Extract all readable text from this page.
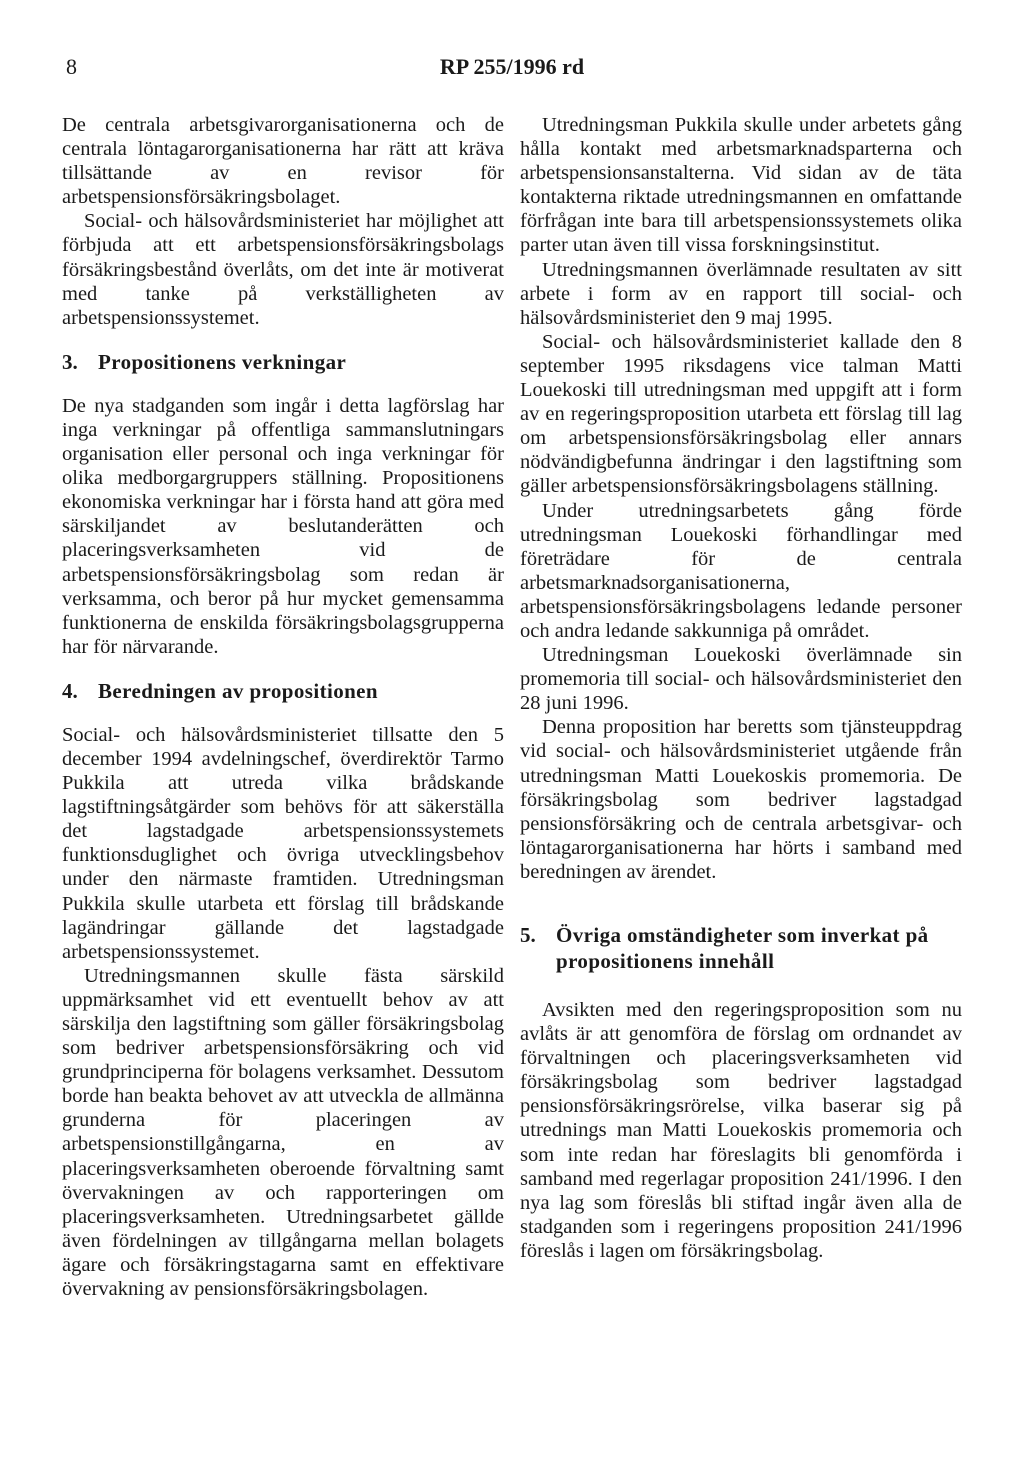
8	RP 255/1996 rd

De centrala arbetsgivarorganisationerna och de centrala löntagarorganisationerna har rätt att kräva tillsättande av en revisor för arbetspensionsförsäkringsbolaget.

Social- och hälsovårdsministeriet har möjlighet att förbjuda att ett arbetspensionsförsäkringsbolags försäkringsbestånd överlåts, om det inte är motiverat med tanke på verkställigheten av arbetspensionssystemet.

3. Propositionens verkningar

De nya stadganden som ingår i detta lagförslag har inga verkningar på offentliga sammanslutningars organisation eller personal och inga verkningar för olika medborgargruppers ställning. Propositionens ekonomiska verkningar har i första hand att göra med särskiljandet av beslutanderätten och placeringsverksamheten vid de arbetspensionsförsäkringsbolag som redan är verksamma, och beror på hur mycket gemensamma funktionerna de enskilda försäkringsbolagsgrupperna har för närvarande.

4. Beredningen av propositionen

Social- och hälsovårdsministeriet tillsatte den 5 december 1994 avdelningschef, överdirektör Tarmo Pukkila att utreda vilka brådskande lagstiftningsåtgärder som behövs för att säkerställa det lagstadgade arbetspensionssystemets funktionsduglighet och övriga utvecklingsbehov under den närmaste framtiden. Utredningsman Pukkila skulle utarbeta ett förslag till brådskande lagändringar gällande det lagstadgade arbetspensionssystemet.

Utredningsmannen skulle fästa särskild uppmärksamhet vid ett eventuellt behov av att särskilja den lagstiftning som gäller försäkringsbolag som bedriver arbetspensionsförsäkring och vid grundprinciperna för bolagens verksamhet. Dessutom borde han beakta behovet av att utveckla de allmänna grunderna för placeringen av arbetspensionstillgångarna, en av placeringsverksamheten oberoende förvaltning samt övervakningen av och rapporteringen om placeringsverksamheten. Utredningsarbetet gällde även fördelningen av tillgångarna mellan bolagets ägare och försäkringstagarna samt en effektivare övervakning av pensionsförsäkringsbolagen.

Utredningsman Pukkila skulle under arbetets gång hålla kontakt med arbetsmarknadsparterna och arbetspensionsanstalterna. Vid sidan av de täta kontakterna riktade utredningsmannen en omfattande förfrågan inte bara till arbetspensionssystemets olika parter utan även till vissa forskningsinstitut.

Utredningsmannen överlämnade resultaten av sitt arbete i form av en rapport till social- och hälsovårdsministeriet den 9 maj 1995.

Social- och hälsovårdsministeriet kallade den 8 september 1995 riksdagens vice talman Matti Louekoski till utredningsman med uppgift att i form av en regeringsproposition utarbeta ett förslag till lag om arbetspensionsförsäkringsbolag eller annars nödvändigbefunna ändringar i den lagstiftning som gäller arbetspensionsförsäkringsbolagens ställning.

Under utredningsarbetets gång förde utredningsman Louekoski förhandlingar med företrädare för de centrala arbetsmarknadsorganisationerna, arbetspensionsförsäkringsbolagens ledande personer och andra ledande sakkunniga på området.

Utredningsman Louekoski överlämnade sin promemoria till social- och hälsovårdsministeriet den 28 juni 1996.

Denna proposition har beretts som tjänsteuppdrag vid social- och hälsovårdsministeriet utgående från utredningsman Matti Louekoskis promemoria. De försäkringsbolag som bedriver lagstadgad pensionsförsäkring och de centrala arbetsgivar- och löntagarorganisationerna har hörts i samband med beredningen av ärendet.

5. Övriga omständigheter som inverkat på propositionens innehåll

Avsikten med den regeringsproposition som nu avlåts är att genomföra de förslag om ordnandet av förvaltningen och placeringsverksamheten vid försäkringsbolag som bedriver lagstadgad pensionsförsäkringsrörelse, vilka baserar sig på utrednings man Matti Louekoskis promemoria och som inte redan har föreslagits bli genomförda i samband med regerlagar proposition 241/1996. I den nya lag som föreslås bli stiftad ingår även alla de stadganden som i regeringens proposition 241/1996 föreslås i lagen om försäkringsbolag.
